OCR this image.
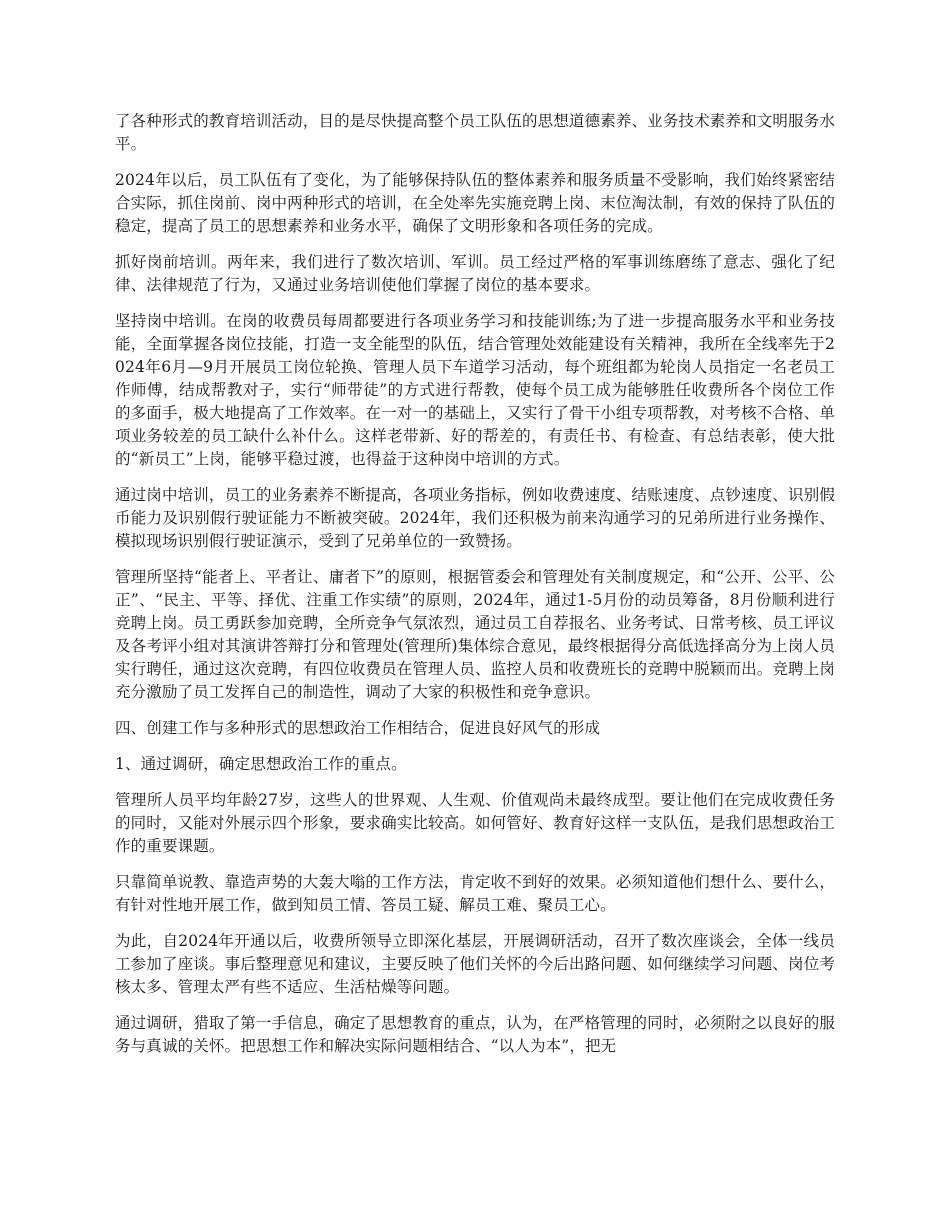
了各种形式的教育培训活动，目的是尽快提高整个员工队伍的思想道德素养、业务技术素养和文明服务水平。

2024年以后，员工队伍有了变化，为了能够保持队伍的整体素养和服务质量不受影响，我们始终紧密结合实际，抓住岗前、岗中两种形式的培训，在全处率先实施竞聘上岗、末位淘汰制，有效的保持了队伍的稳定，提高了员工的思想素养和业务水平，确保了文明形象和各项任务的完成。

抓好岗前培训。两年来，我们进行了数次培训、军训。员工经过严格的军事训练磨练了意志、强化了纪律、法律规范了行为，又通过业务培训使他们掌握了岗位的基本要求。

坚持岗中培训。在岗的收费员每周都要进行各项业务学习和技能训练;为了进一步提高服务水平和业务技能，全面掌握各岗位技能，打造一支全能型的队伍，结合管理处效能建设有关精神，我所在全线率先于2024年6月—9月开展员工岗位轮换、管理人员下车道学习活动，每个班组都为轮岗人员指定一名老员工作师傅，结成帮教对子，实行“师带徒”的方式进行帮教，使每个员工成为能够胜任收费所各个岗位工作的多面手，极大地提高了工作效率。在一对一的基础上，又实行了骨干小组专项帮教，对考核不合格、单项业务较差的员工缺什么补什么。这样老带新、好的帮差的，有责任书、有检查、有总结表彰，使大批的“新员工”上岗，能够平稳过渡，也得益于这种岗中培训的方式。

通过岗中培训，员工的业务素养不断提高，各项业务指标，例如收费速度、结账速度、点钞速度、识别假币能力及识别假行驶证能力不断被突破。2024年，我们还积极为前来沟通学习的兄弟所进行业务操作、模拟现场识别假行驶证演示，受到了兄弟单位的一致赞扬。

管理所坚持“能者上、平者让、庸者下”的原则，根据管委会和管理处有关制度规定，和“公开、公平、公正”、“民主、平等、择优、注重工作实绩”的原则，2024年，通过1-5月份的动员筹备，8月份顺利进行竞聘上岗。员工勇跃参加竞聘，全所竞争气氛浓烈，通过员工自荐报名、业务考试、日常考核、员工评议及各考评小组对其演讲答辩打分和管理处(管理所)集体综合意见，最终根据得分高低选择高分为上岗人员实行聘任，通过这次竞聘，有四位收费员在管理人员、监控人员和收费班长的竞聘中脱颖而出。竞聘上岗充分激励了员工发挥自己的制造性，调动了大家的积极性和竞争意识。

四、创建工作与多种形式的思想政治工作相结合，促进良好风气的形成

1、通过调研，确定思想政治工作的重点。

管理所人员平均年龄27岁，这些人的世界观、人生观、价值观尚未最终成型。要让他们在完成收费任务的同时，又能对外展示四个形象，要求确实比较高。如何管好、教育好这样一支队伍，是我们思想政治工作的重要课题。

只靠简单说教、靠造声势的大轰大嗡的工作方法，肯定收不到好的效果。必须知道他们想什么、要什么，有针对性地开展工作，做到知员工情、答员工疑、解员工难、聚员工心。

为此，自2024年开通以后，收费所领导立即深化基层，开展调研活动，召开了数次座谈会，全体一线员工参加了座谈。事后整理意见和建议，主要反映了他们关怀的今后出路问题、如何继续学习问题、岗位考核太多、管理太严有些不适应、生活枯燥等问题。

通过调研，猎取了第一手信息，确定了思想教育的重点，认为，在严格管理的同时，必须附之以良好的服务与真诚的关怀。把思想工作和解决实际问题相结合、“以人为本”，把无
